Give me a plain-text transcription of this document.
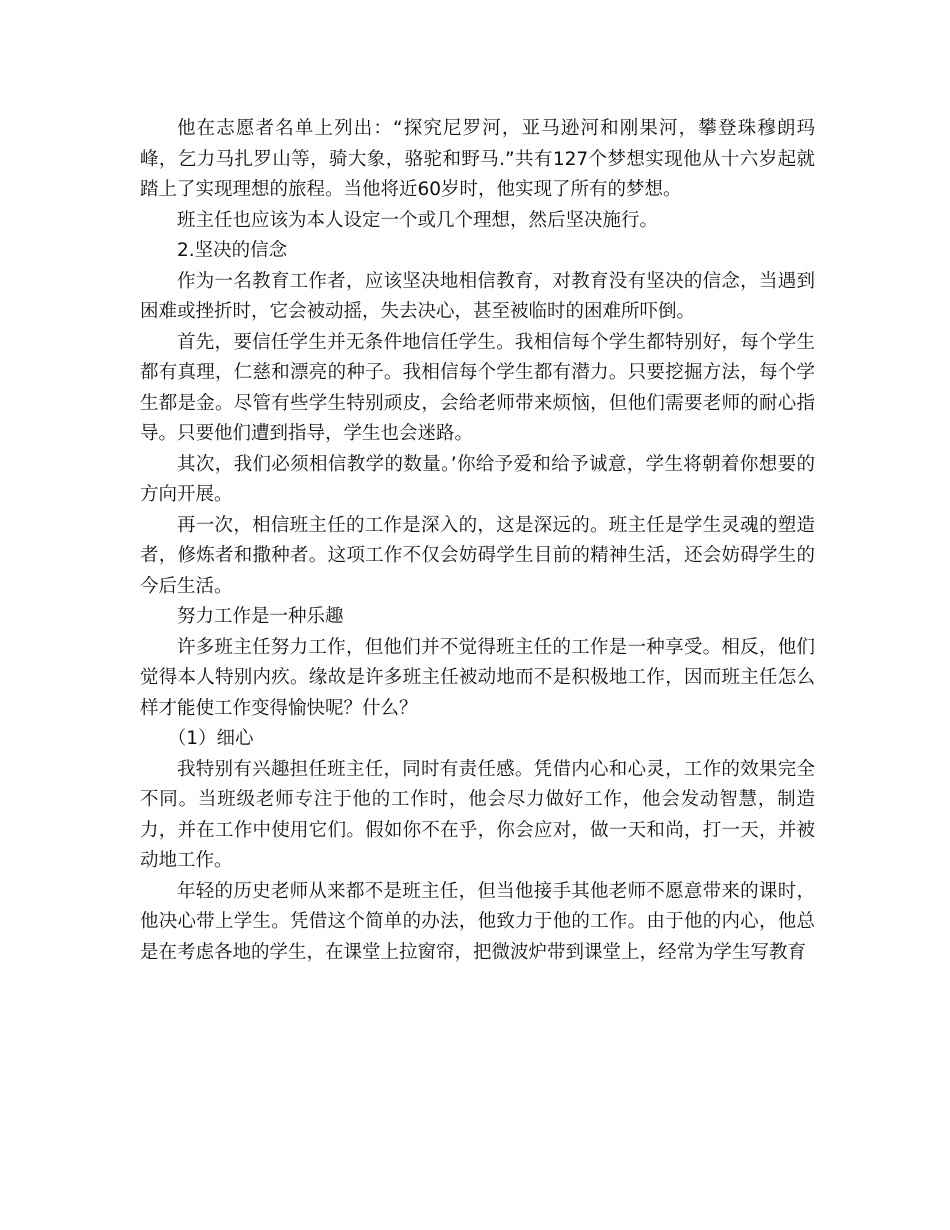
他在志愿者名单上列出：“探究尼罗河，亚马逊河和刚果河，攀登珠穆朗玛峰，乞力马扎罗山等，骑大象，骆驼和野马.”共有127个梦想实现他从十六岁起就踏上了实现理想的旅程。当他将近60岁时，他实现了所有的梦想。

班主任也应该为本人设定一个或几个理想，然后坚决施行。

2.坚决的信念

作为一名教育工作者，应该坚决地相信教育，对教育没有坚决的信念，当遇到困难或挫折时，它会被动摇，失去决心，甚至被临时的困难所吓倒。

首先，要信任学生并无条件地信任学生。我相信每个学生都特别好，每个学生都有真理，仁慈和漂亮的种子。我相信每个学生都有潜力。只要挖掘方法，每个学生都是金。尽管有些学生特别顽皮，会给老师带来烦恼，但他们需要老师的耐心指导。只要他们遭到指导，学生也会迷路。

其次，我们必须相信教学的数量。’你给予爱和给予诚意，学生将朝着你想要的方向开展。

再一次，相信班主任的工作是深入的，这是深远的。班主任是学生灵魂的塑造者，修炼者和撒种者。这项工作不仅会妨碍学生目前的精神生活，还会妨碍学生的今后生活。

努力工作是一种乐趣

许多班主任努力工作，但他们并不觉得班主任的工作是一种享受。相反，他们觉得本人特别内疚。缘故是许多班主任被动地而不是积极地工作，因而班主任怎么样才能使工作变得愉快呢？什么？

（1）细心

我特别有兴趣担任班主任，同时有责任感。凭借内心和心灵，工作的效果完全不同。当班级老师专注于他的工作时，他会尽力做好工作，他会发动智慧，制造力，并在工作中使用它们。假如你不在乎，你会应对，做一天和尚，打一天，并被动地工作。

年轻的历史老师从来都不是班主任，但当他接手其他老师不愿意带来的课时，他决心带上学生。凭借这个简单的办法，他致力于他的工作。由于他的内心，他总是在考虑各地的学生，在课堂上拉窗帘，把微波炉带到课堂上，经常为学生写教育
